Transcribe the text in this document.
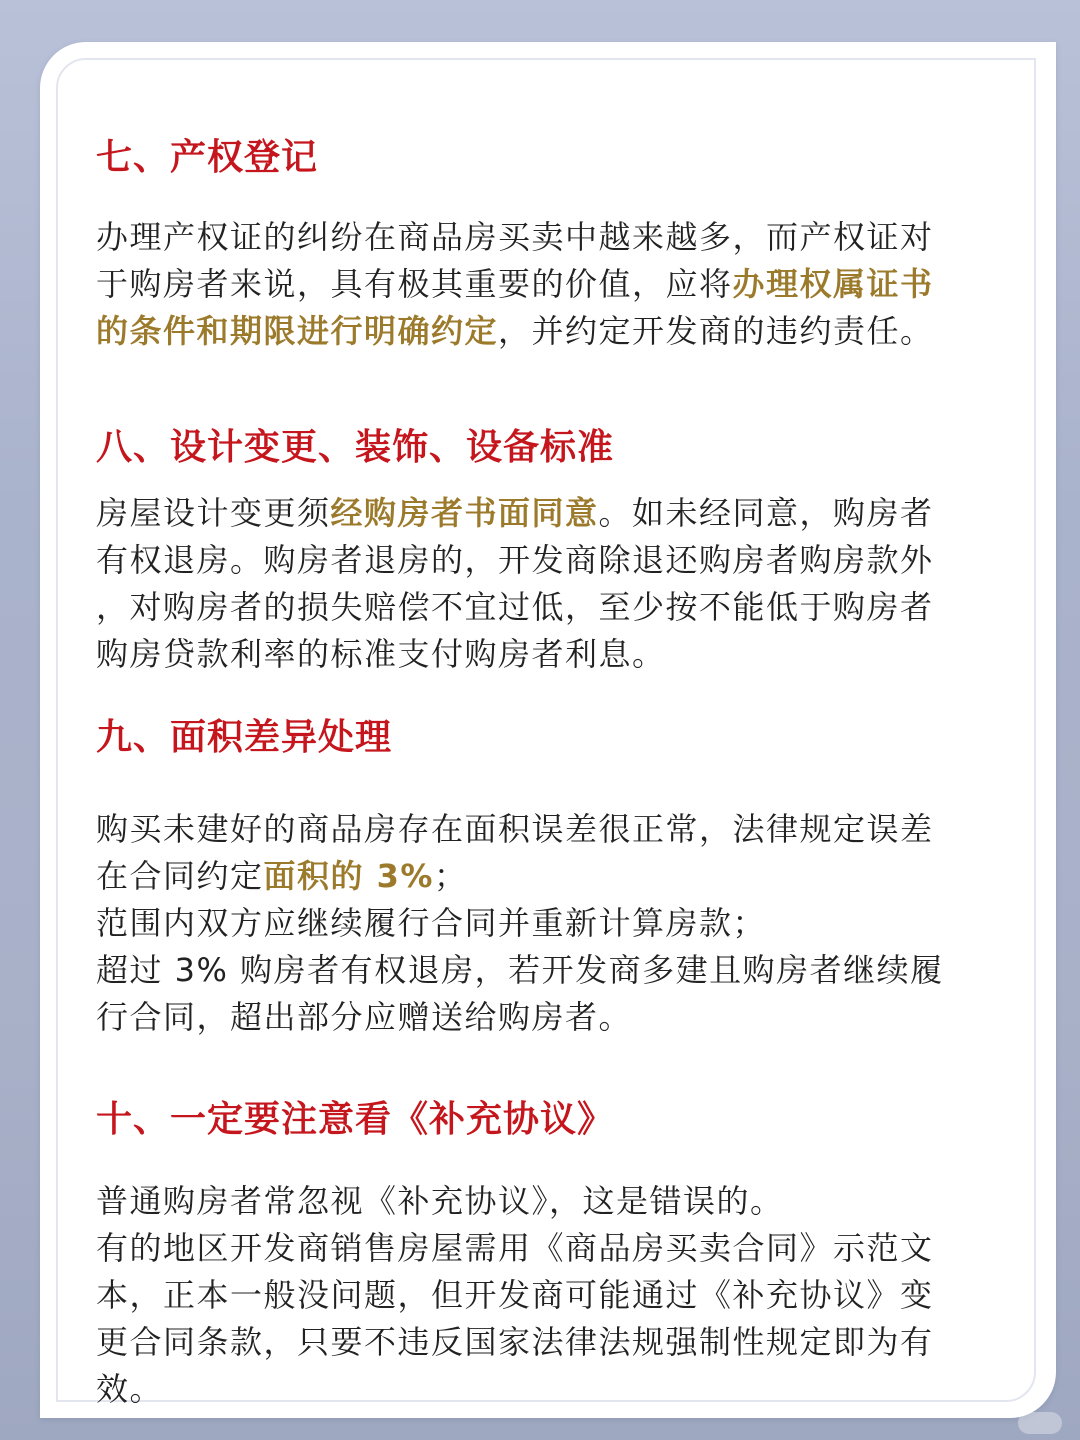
七、产权登记

办理产权证的纠纷在商品房买卖中越来越多，而产权证对
于购房者来说，具有极其重要的价值，应将办理权属证书
的条件和期限进行明确约定，并约定开发商的违约责任。

八、设计变更、装饰、设备标准

房屋设计变更须经购房者书面同意。如未经同意，购房者
有权退房。购房者退房的，开发商除退还购房者购房款外
，对购房者的损失赔偿不宜过低，至少按不能低于购房者
购房贷款利率的标准支付购房者利息。

九、面积差异处理

购买未建好的商品房存在面积误差很正常，法律规定误差
在合同约定面积的 3%；
范围内双方应继续履行合同并重新计算房款；
超过 3% 购房者有权退房，若开发商多建且购房者继续履
行合同，超出部分应赠送给购房者。

十、一定要注意看《补充协议》

普通购房者常忽视《补充协议》，这是错误的。
有的地区开发商销售房屋需用《商品房买卖合同》示范文
本，正本一般没问题，但开发商可能通过《补充协议》变
更合同条款，只要不违反国家法律法规强制性规定即为有
效。
